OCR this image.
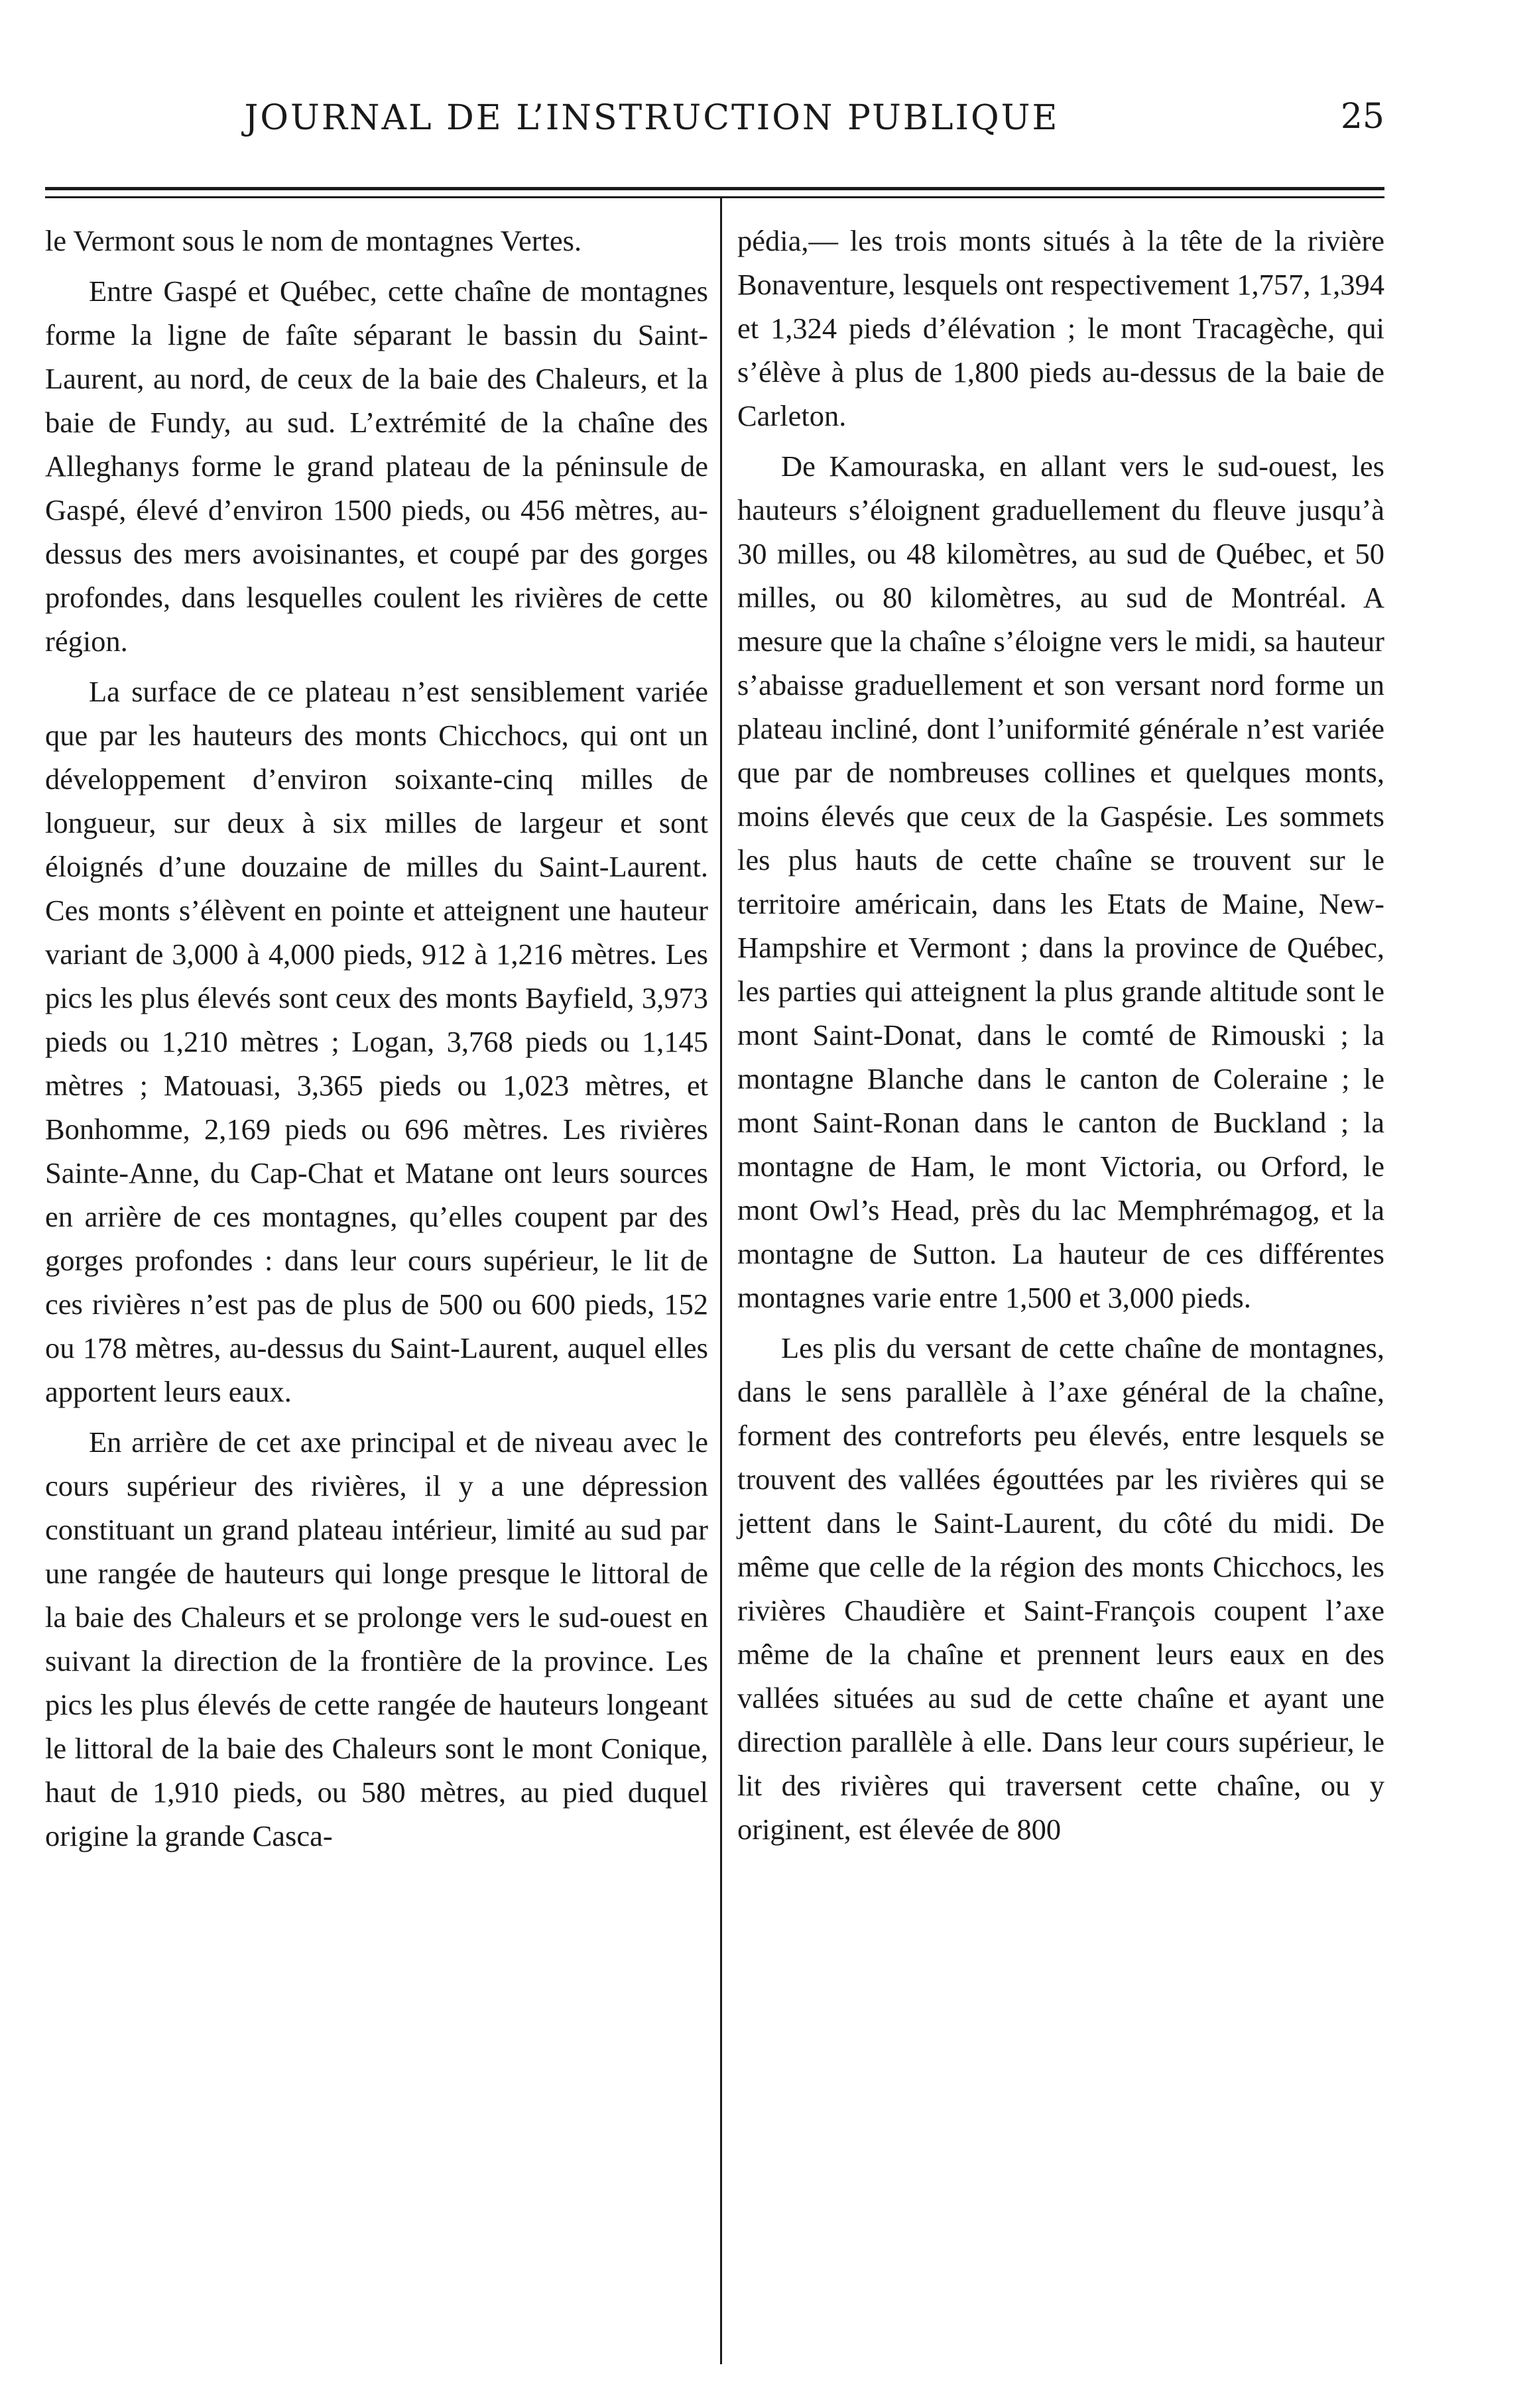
JOURNAL DE L’INSTRUCTION PUBLIQUE	25

le Vermont sous le nom de montagnes Vertes.

Entre Gaspé et Québec, cette chaîne de montagnes forme la ligne de faîte séparant le bassin du Saint-Laurent, au nord, de ceux de la baie des Chaleurs, et la baie de Fundy, au sud. L’extrémité de la chaîne des Alleghanys forme le grand plateau de la péninsule de Gaspé, élevé d’environ 1500 pieds, ou 456 mètres, au-dessus des mers avoisinantes, et coupé par des gorges profondes, dans lesquelles coulent les rivières de cette région.

La surface de ce plateau n’est sensiblement variée que par les hauteurs des monts Chicchocs, qui ont un développement d’environ soixante-cinq milles de longueur, sur deux à six milles de largeur et sont éloignés d’une douzaine de milles du Saint-Laurent. Ces monts s’élèvent en pointe et atteignent une hauteur variant de 3,000 à 4,000 pieds, 912 à 1,216 mètres. Les pics les plus élevés sont ceux des monts Bayfield, 3,973 pieds ou 1,210 mètres ; Logan, 3,768 pieds ou 1,145 mètres ; Matouasi, 3,365 pieds ou 1,023 mètres, et Bonhomme, 2,169 pieds ou 696 mètres. Les rivières Sainte-Anne, du Cap-Chat et Matane ont leurs sources en arrière de ces montagnes, qu’elles coupent par des gorges profondes : dans leur cours supérieur, le lit de ces rivières n’est pas de plus de 500 ou 600 pieds, 152 ou 178 mètres, au-dessus du Saint-Laurent, auquel elles apportent leurs eaux.

En arrière de cet axe principal et de niveau avec le cours supérieur des rivières, il y a une dépression constituant un grand plateau intérieur, limité au sud par une rangée de hauteurs qui longe presque le littoral de la baie des Chaleurs et se prolonge vers le sud-ouest en suivant la direction de la frontière de la province. Les pics les plus élevés de cette rangée de hauteurs longeant le littoral de la baie des Chaleurs sont le mont Conique, haut de 1,910 pieds, ou 580 mètres, au pied duquel origine la grande Casca-

pédia,— les trois monts situés à la tête de la rivière Bonaventure, lesquels ont respectivement 1,757, 1,394 et 1,324 pieds d’élévation ; le mont Tracagèche, qui s’élève à plus de 1,800 pieds au-dessus de la baie de Carleton.

De Kamouraska, en allant vers le sud-ouest, les hauteurs s’éloignent graduellement du fleuve jusqu’à 30 milles, ou 48 kilomètres, au sud de Québec, et 50 milles, ou 80 kilomètres, au sud de Montréal. A mesure que la chaîne s’éloigne vers le midi, sa hauteur s’abaisse graduellement et son versant nord forme un plateau incliné, dont l’uniformité générale n’est variée que par de nombreuses collines et quelques monts, moins élevés que ceux de la Gaspésie. Les sommets les plus hauts de cette chaîne se trouvent sur le territoire américain, dans les Etats de Maine, New-Hampshire et Vermont ; dans la province de Québec, les parties qui atteignent la plus grande altitude sont le mont Saint-Donat, dans le comté de Rimouski ; la montagne Blanche dans le canton de Coleraine ; le mont Saint-Ronan dans le canton de Buckland ; la montagne de Ham, le mont Victoria, ou Orford, le mont Owl’s Head, près du lac Memphrémagog, et la montagne de Sutton. La hauteur de ces différentes montagnes varie entre 1,500 et 3,000 pieds.

Les plis du versant de cette chaîne de montagnes, dans le sens parallèle à l’axe général de la chaîne, forment des contreforts peu élevés, entre lesquels se trouvent des vallées égouttées par les rivières qui se jettent dans le Saint-Laurent, du côté du midi. De même que celle de la région des monts Chicchocs, les rivières Chaudière et Saint-François coupent l’axe même de la chaîne et prennent leurs eaux en des vallées situées au sud de cette chaîne et ayant une direction parallèle à elle. Dans leur cours supérieur, le lit des rivières qui traversent cette chaîne, ou y originent, est élevée de 800
